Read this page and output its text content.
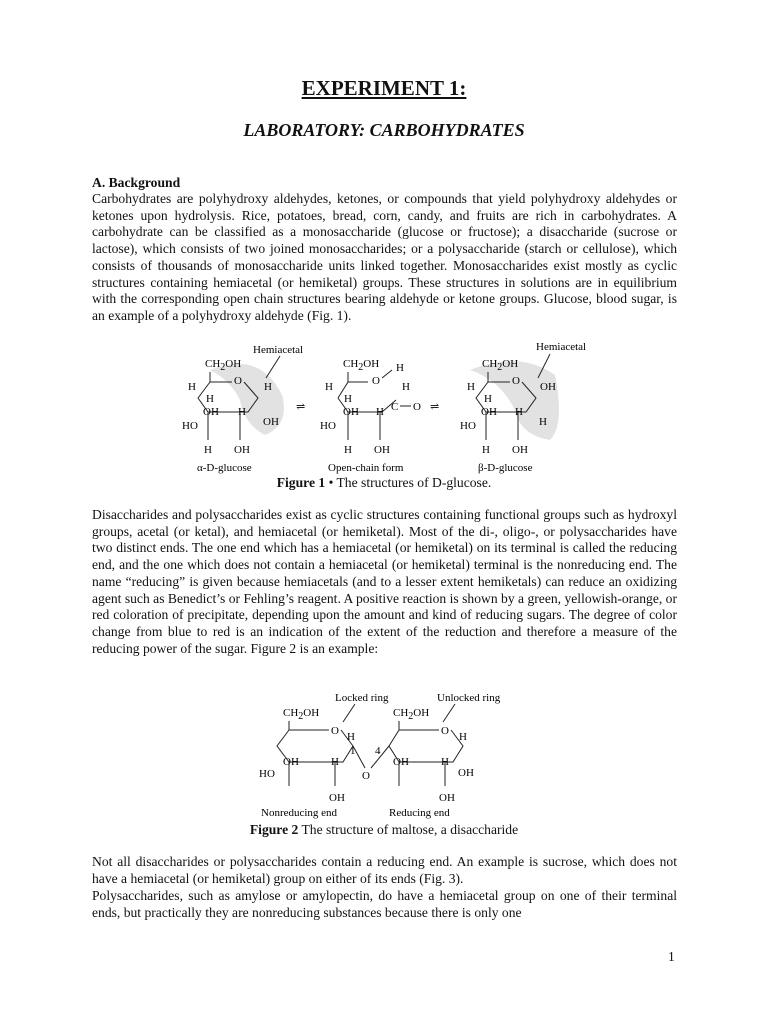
EXPERIMENT 1:
LABORATORY: CARBOHYDRATES

A. Background

Carbohydrates are polyhydroxy aldehydes, ketones, or compounds that yield polyhydroxy aldehydes or ketones upon hydrolysis. Rice, potatoes, bread, corn, candy, and fruits are rich in carbohydrates. A carbohydrate can be classified as a monosaccharide (glucose or fructose); a disaccharide (sucrose or lactose), which consists of two joined monosaccharides; or a polysaccharide (starch or cellulose), which consists of thousands of monosaccharide units linked together. Monosaccharides exist mostly as cyclic structures containing hemiacetal (or hemiketal) groups. These structures in solutions are in equilibrium with the corresponding open chain structures bearing aldehyde or ketone groups. Glucose, blood sugar, is an example of a polyhydroxy aldehyde (Fig. 1).

Hemiacetal
CH2OH
O
H	H
H
OH H
OH
HO
H OH
α-D-glucose
⇌
CH2OH H
O
H	H
H
OH H C O
HO
H OH
Open-chain form
⇌
Hemiacetal
CH2OH
O
H	OH
H
OH H
H
HO
H OH
β-D-glucose
Figure 1 • The structures of D-glucose.

Disaccharides and polysaccharides exist as cyclic structures containing functional groups such as hydroxyl groups, acetal (or ketal), and hemiacetal (or hemiketal). Most of the di-, oligo-, or polysaccharides have two distinct ends. The one end which has a hemiacetal (or hemiketal) on its terminal is called the reducing end, and the one which does not contain a hemiacetal (or hemiketal) terminal is the nonreducing end. The name “reducing” is given because hemiacetals (and to a lesser extent hemiketals) can reduce an oxidizing agent such as Benedict’s or Fehling’s reagent. A positive reaction is shown by a green, yellowish-orange, or red coloration of precipitate, depending upon the amount and kind of reducing sugars. The degree of color change from blue to red is an indication of the extent of the reduction and therefore a measure of the reducing power of the sugar. Figure 2 is an example:

Locked ring	Unlocked ring
CH2OH
O H
1
OH	H
HO
OH
Nonreducing end
O
CH2OH
O
4
H
OH	H
OH
OH
Reducing end
Figure 2 The structure of maltose, a disaccharide

Not all disaccharides or polysaccharides contain a reducing end. An example is sucrose, which does not have a hemiacetal (or hemiketal) group on either of its ends (Fig. 3).

Polysaccharides, such as amylose or amylopectin, do have a hemiacetal group on one of their terminal ends, but practically they are nonreducing substances because there is only one

1
